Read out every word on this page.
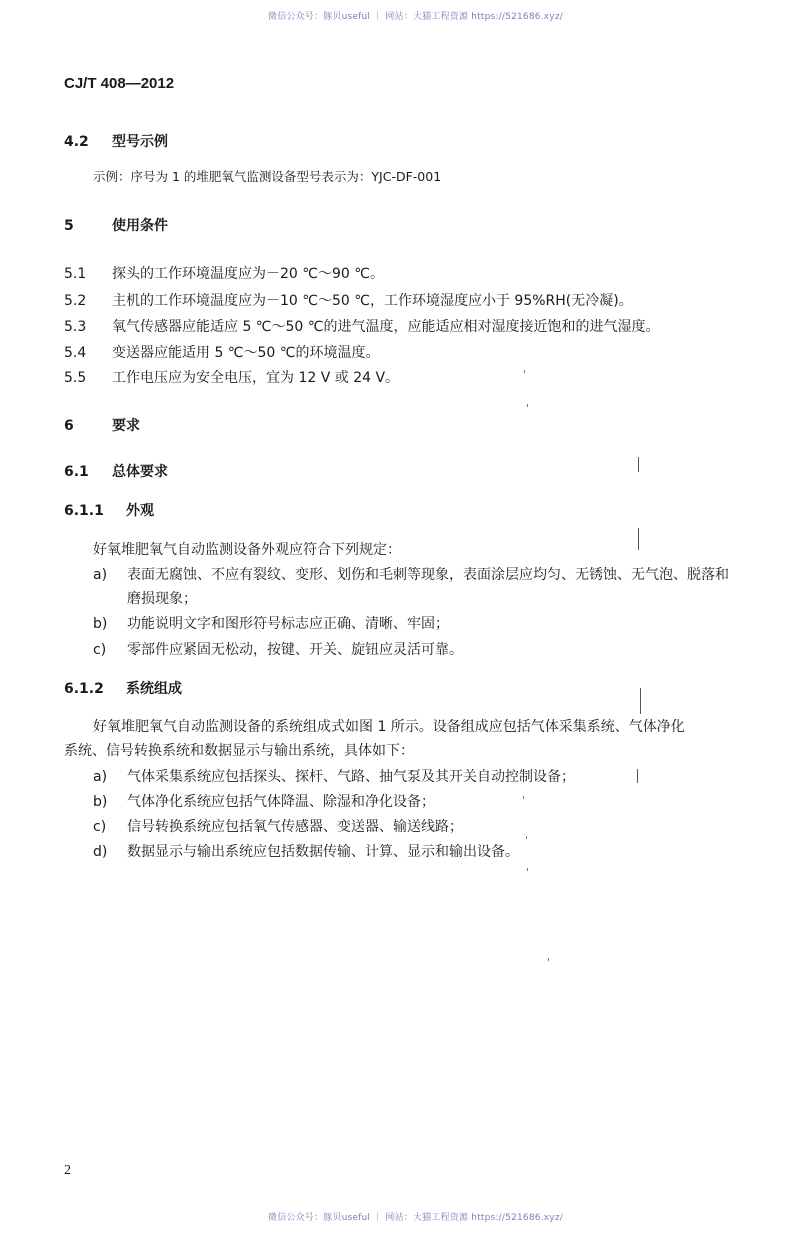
微信公众号：豚贝useful ｜ 网站：大猫工程资源 https://521686.xyz/
CJ/T 408—2012
4.2 型号示例
示例：序号为 1 的堆肥氧气监测设备型号表示为：YJC-DF-001
5	使用条件
5.1 探头的工作环境温度应为－20 ℃～90 ℃。
5.2 主机的工作环境温度应为－10 ℃～50 ℃，工作环境湿度应小于 95%RH(无冷凝)。
5.3 氧气传感器应能适应 5 ℃～50 ℃的进气温度，应能适应相对湿度接近饱和的进气湿度。
5.4 变送器应能适用 5 ℃～50 ℃的环境温度。
5.5 工作电压应为安全电压，宜为 12 V 或 24 V。
6	要求
6.1 总体要求
6.1.1 外观
好氧堆肥氧气自动监测设备外观应符合下列规定：
a) 表面无腐蚀、不应有裂纹、变形、划伤和毛刺等现象，表面涂层应均匀、无锈蚀、无气泡、脱落和
磨损现象；
b) 功能说明文字和图形符号标志应正确、清晰、牢固；
c) 零部件应紧固无松动，按键、开关、旋钮应灵活可靠。
6.1.2 系统组成
好氧堆肥氧气自动监测设备的系统组成式如图 1 所示。设备组成应包括气体采集系统、气体净化
系统、信号转换系统和数据显示与输出系统，具体如下：
a) 气体采集系统应包括探头、探杆、气路、抽气泵及其开关自动控制设备；
b) 气体净化系统应包括气体降温、除湿和净化设备；
c) 信号转换系统应包括氧气传感器、变送器、输送线路；
d) 数据显示与输出系统应包括数据传输、计算、显示和输出设备。
2
微信公众号：豚贝useful ｜ 网站：大猫工程资源 https://521686.xyz/
